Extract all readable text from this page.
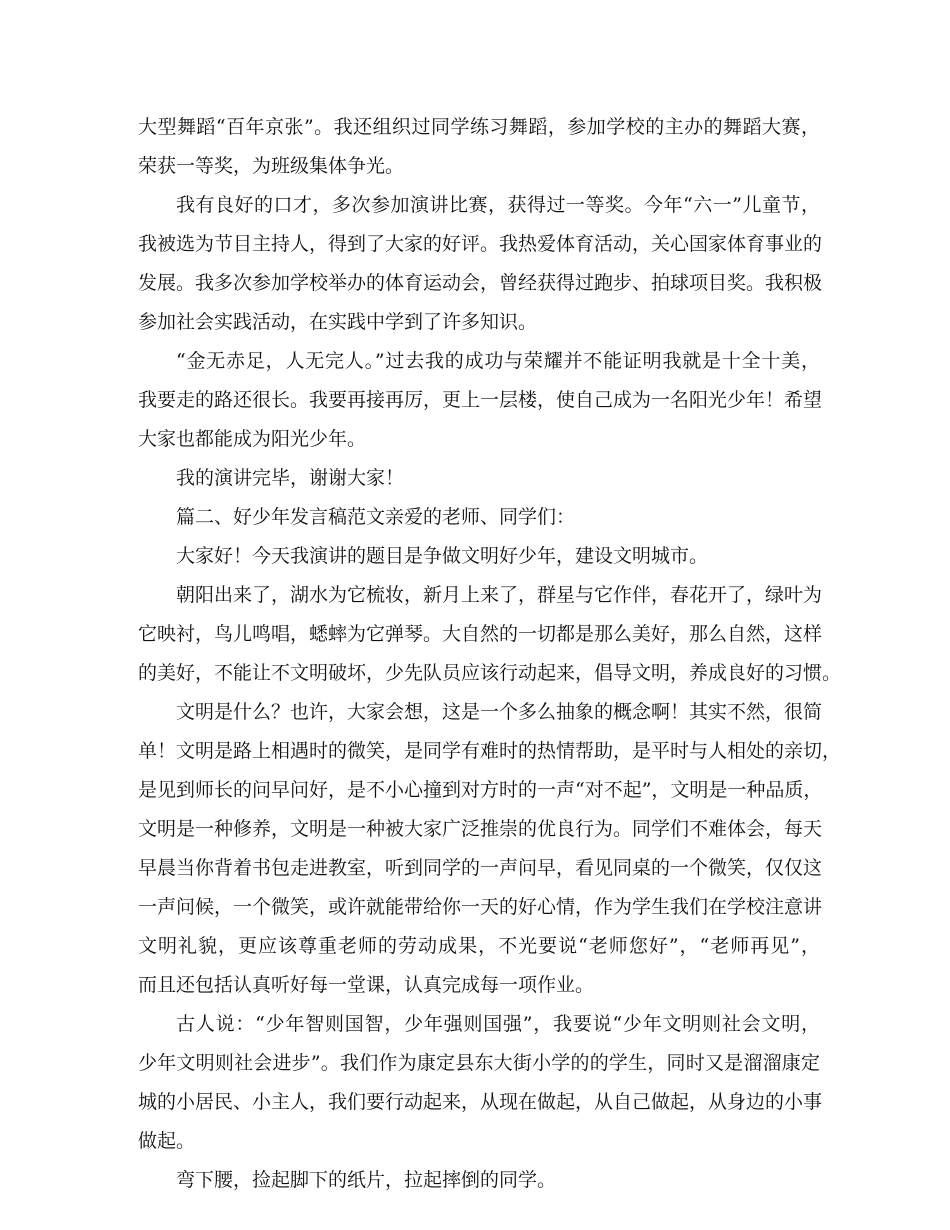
大型舞蹈“百年京张”。我还组织过同学练习舞蹈，参加学校的主办的舞蹈大赛，
荣获一等奖，为班级集体争光。
我有良好的口才，多次参加演讲比赛，获得过一等奖。今年“六一”儿童节，
我被选为节目主持人，得到了大家的好评。我热爱体育活动，关心国家体育事业的
发展。我多次参加学校举办的体育运动会，曾经获得过跑步、拍球项目奖。我积极
参加社会实践活动，在实践中学到了许多知识。
“金无赤足，人无完人。”过去我的成功与荣耀并不能证明我就是十全十美，
我要走的路还很长。我要再接再厉，更上一层楼，使自己成为一名阳光少年！希望
大家也都能成为阳光少年。
我的演讲完毕，谢谢大家！
篇二、好少年发言稿范文亲爱的老师、同学们：
大家好！今天我演讲的题目是争做文明好少年，建设文明城市。
朝阳出来了，湖水为它梳妆，新月上来了，群星与它作伴，春花开了，绿叶为
它映衬，鸟儿鸣唱，蟋蟀为它弹琴。大自然的一切都是那么美好，那么自然，这样
的美好，不能让不文明破坏，少先队员应该行动起来，倡导文明，养成良好的习惯。
文明是什么？也许，大家会想，这是一个多么抽象的概念啊！其实不然，很简
单！文明是路上相遇时的微笑，是同学有难时的热情帮助，是平时与人相处的亲切，
是见到师长的问早问好，是不小心撞到对方时的一声“对不起”，文明是一种品质，
文明是一种修养，文明是一种被大家广泛推崇的优良行为。同学们不难体会，每天
早晨当你背着书包走进教室，听到同学的一声问早，看见同桌的一个微笑，仅仅这
一声问候，一个微笑，或许就能带给你一天的好心情，作为学生我们在学校注意讲
文明礼貌，更应该尊重老师的劳动成果，不光要说“老师您好”，“老师再见”，
而且还包括认真听好每一堂课，认真完成每一项作业。
古人说：“少年智则国智，少年强则国强”，我要说“少年文明则社会文明，
少年文明则社会进步”。我们作为康定县东大街小学的的学生，同时又是溜溜康定
城的小居民、小主人，我们要行动起来，从现在做起，从自己做起，从身边的小事
做起。
弯下腰，捡起脚下的纸片，拉起摔倒的同学。
